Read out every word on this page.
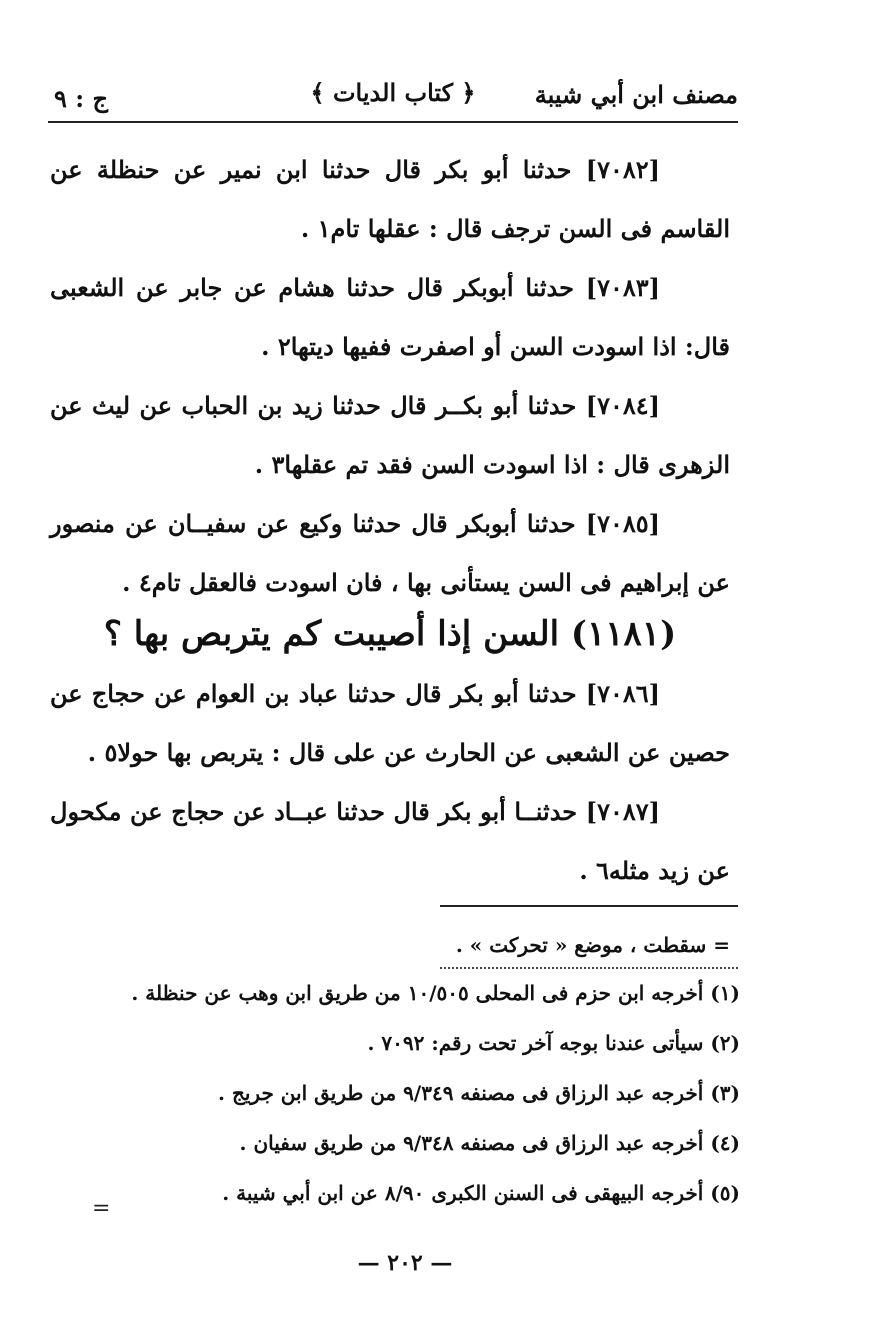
مصنف ابن أبي شيبة
﴿ كتاب الديات ﴾
ج : ٩

[٧٠٨٢] حدثنا أبو بكر قال حدثنا ابن نمير عن حنظلة عن القاسم فى السن ترجف قال : عقلها تام١ .

[٧٠٨٣] حدثنا أبوبكر قال حدثنا هشام عن جابر عن الشعبى قال: اذا اسودت السن أو اصفرت ففيها ديتها٢ .

[٧٠٨٤] حدثنا أبو بكــر قال حدثنا زيد بن الحباب عن ليث عن الزهرى قال : اذا اسودت السن فقد تم عقلها٣ .

[٧٠٨٥] حدثنا أبوبكر قال حدثنا وكيع عن سفيــان عن منصور عن إبراهيم فى السن يستأنى بها ، فان اسودت فالعقل تام٤ .

(١١٨١) السن إذا أصيبت كم يتربص بها ؟

[٧٠٨٦] حدثنا أبو بكر قال حدثنا عباد بن العوام عن حجاج عن حصين عن الشعبى عن الحارث عن على قال : يتربص بها حولا٥ .

[٧٠٨٧] حدثنــا أبو بكر قال حدثنا عبــاد عن حجاج عن مكحول عن زيد مثله٦ .

= سقطت ، موضع « تحركت » .
(١) أخرجه ابن حزم فى المحلى ١٠/٥٠٥ من طريق ابن وهب عن حنظلة .
(٢) سيأتى عندنا بوجه آخر تحت رقم: ٧٠٩٢ .
(٣) أخرجه عبد الرزاق فى مصنفه ٩/٣٤٩ من طريق ابن جريج .
(٤) أخرجه عبد الرزاق فى مصنفه ٩/٣٤٨ من طريق سفيان .
(٥) أخرجه البيهقى فى السنن الكبرى ٨/٩٠ عن ابن أبي شيبة .
=
— ٢٠٢ —
